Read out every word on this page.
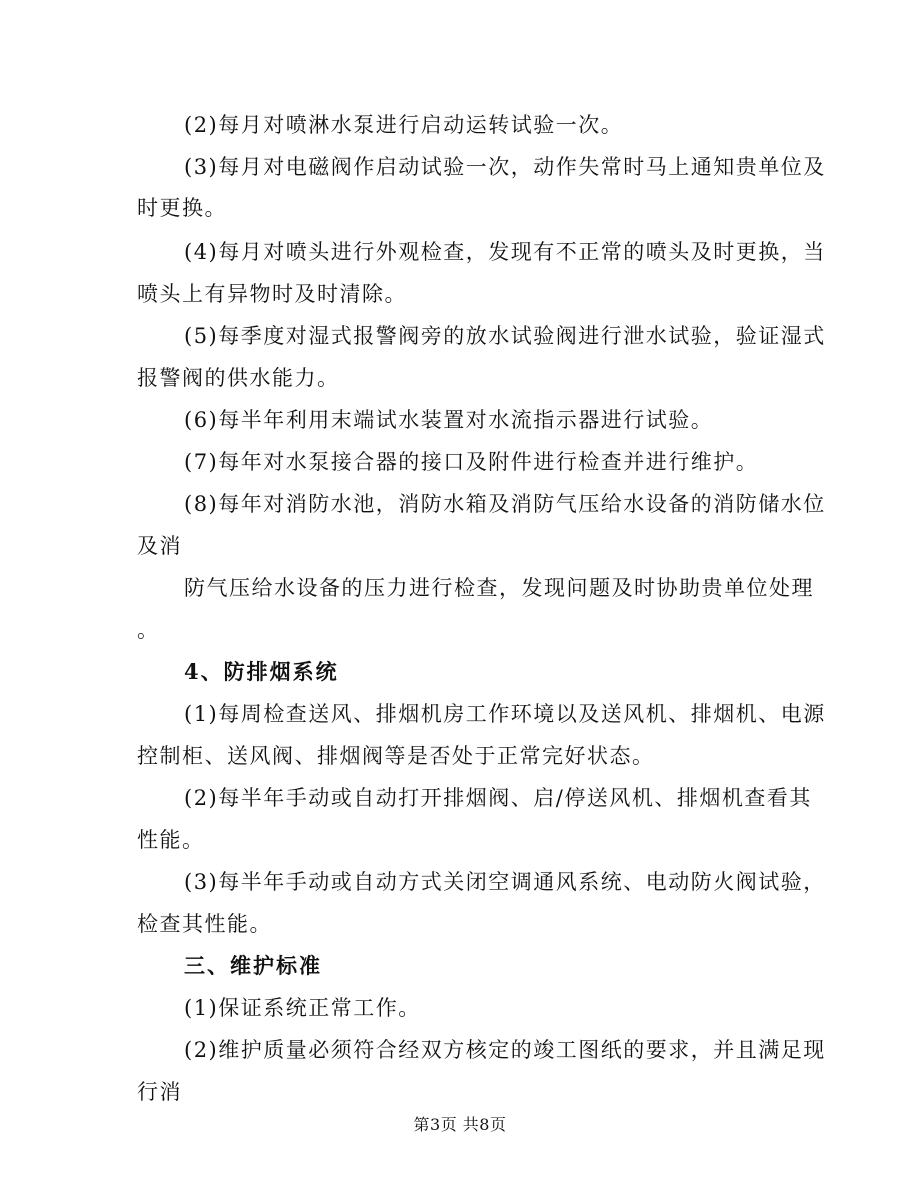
(2)每月对喷淋水泵进行启动运转试验一次。
(3)每月对电磁阀作启动试验一次，动作失常时马上通知贵单位及
时更换。
(4)每月对喷头进行外观检查，发现有不正常的喷头及时更换，当
喷头上有异物时及时清除。
(5)每季度对湿式报警阀旁的放水试验阀进行泄水试验，验证湿式
报警阀的供水能力。
(6)每半年利用末端试水装置对水流指示器进行试验。
(7)每年对水泵接合器的接口及附件进行检查并进行维护。
(8)每年对消防水池，消防水箱及消防气压给水设备的消防储水位
及消
防气压给水设备的压力进行检查，发现问题及时协助贵单位处理
。
4、防排烟系统
(1)每周检查送风、排烟机房工作环境以及送风机、排烟机、电源
控制柜、送风阀、排烟阀等是否处于正常完好状态。
(2)每半年手动或自动打开排烟阀、启/停送风机、排烟机查看其
性能。
(3)每半年手动或自动方式关闭空调通风系统、电动防火阀试验，
检查其性能。
三、维护标准
(1)保证系统正常工作。
(2)维护质量必须符合经双方核定的竣工图纸的要求，并且满足现
行消
第3页 共8页
